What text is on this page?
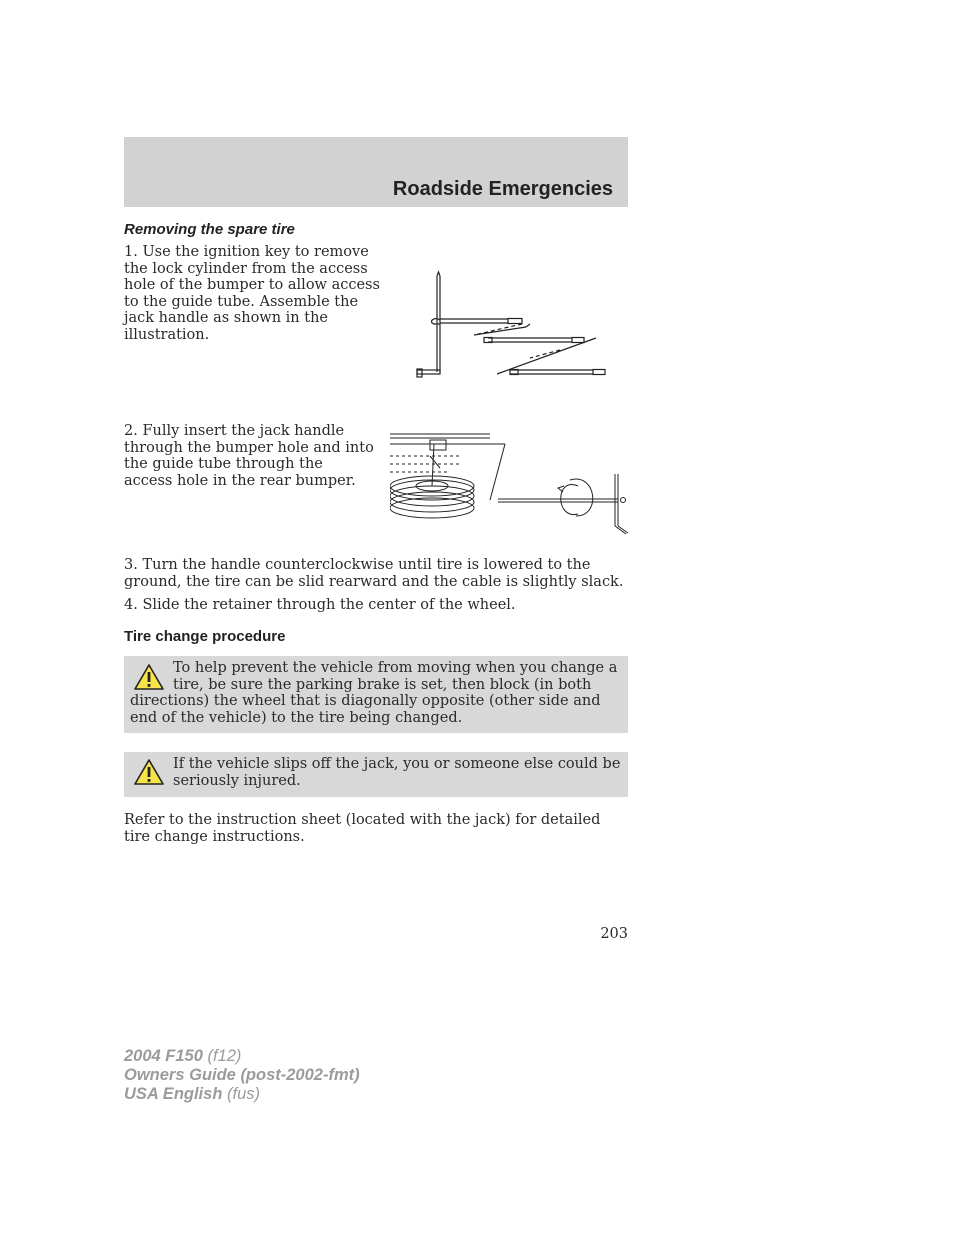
Roadside Emergencies
Removing the spare tire

1. Use the ignition key to remove the lock cylinder from the access hole of the bumper to allow access to the guide tube. Assemble the jack handle as shown in the illustration.

2. Fully insert the jack handle through the bumper hole and into the guide tube through the access hole in the rear bumper.

3. Turn the handle counterclockwise until tire is lowered to the ground, the tire can be slid rearward and the cable is slightly slack.

4. Slide the retainer through the center of the wheel.

Tire change procedure

To help prevent the vehicle from moving when you change a tire, be sure the parking brake is set, then block (in both directions) the wheel that is diagonally opposite (other side and end of the vehicle) to the tire being changed.

If the vehicle slips off the jack, you or someone else could be seriously injured.

Refer to the instruction sheet (located with the jack) for detailed tire change instructions.

203
2004 F150 (f12)
Owners Guide (post-2002-fmt)
USA English (fus)
